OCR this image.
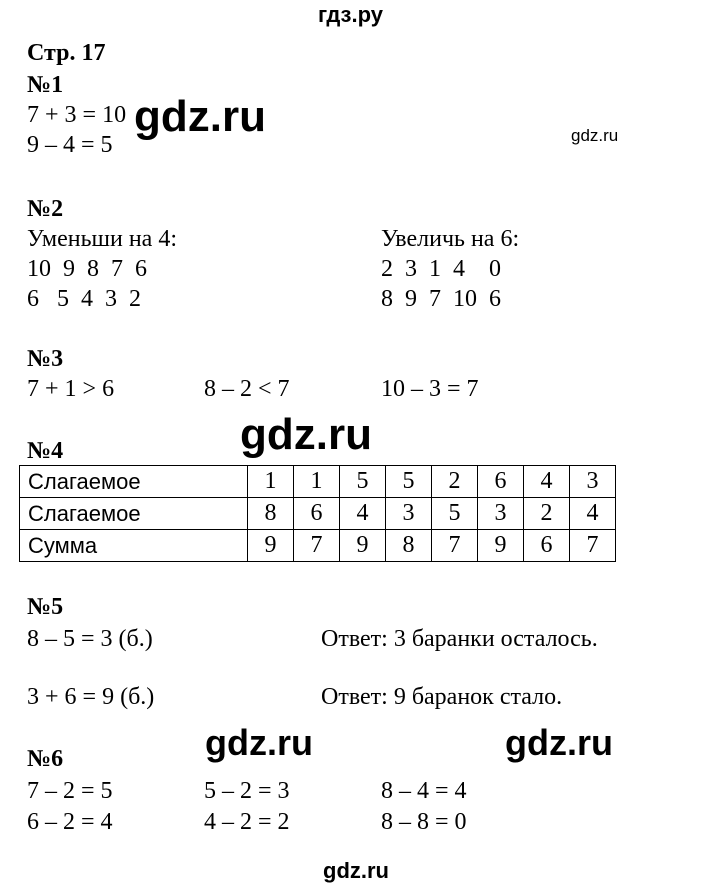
гдз.ру
Стр. 17
№1
7 + 3 = 10
9 – 4 = 5
gdz.ru	gdz.ru
№2
Уменьши на 4:
10  9  8  7  6
6   5  4  3  2
Увеличь на 6:
2  3  1  4    0
8  9  7  10  6
№3
7 + 1 > 6	8 – 2 < 7	10 – 3 = 7
№4	gdz.ru
Слагаемое	1	1	5	5	2	6	4	3
Слагаемое	8	6	4	3	5	3	2	4
Сумма	9	7	9	8	7	9	6	7
№5
8 – 5 = 3 (б.)	Ответ: 3 баранки осталось.
3 + 6 = 9 (б.)	Ответ: 9 баранок стало.
№6	gdz.ru	gdz.ru
7 – 2 = 5	5 – 2 = 3	8 – 4 = 4
6 – 2 = 4	4 – 2 = 2	8 – 8 = 0
gdz.ru
